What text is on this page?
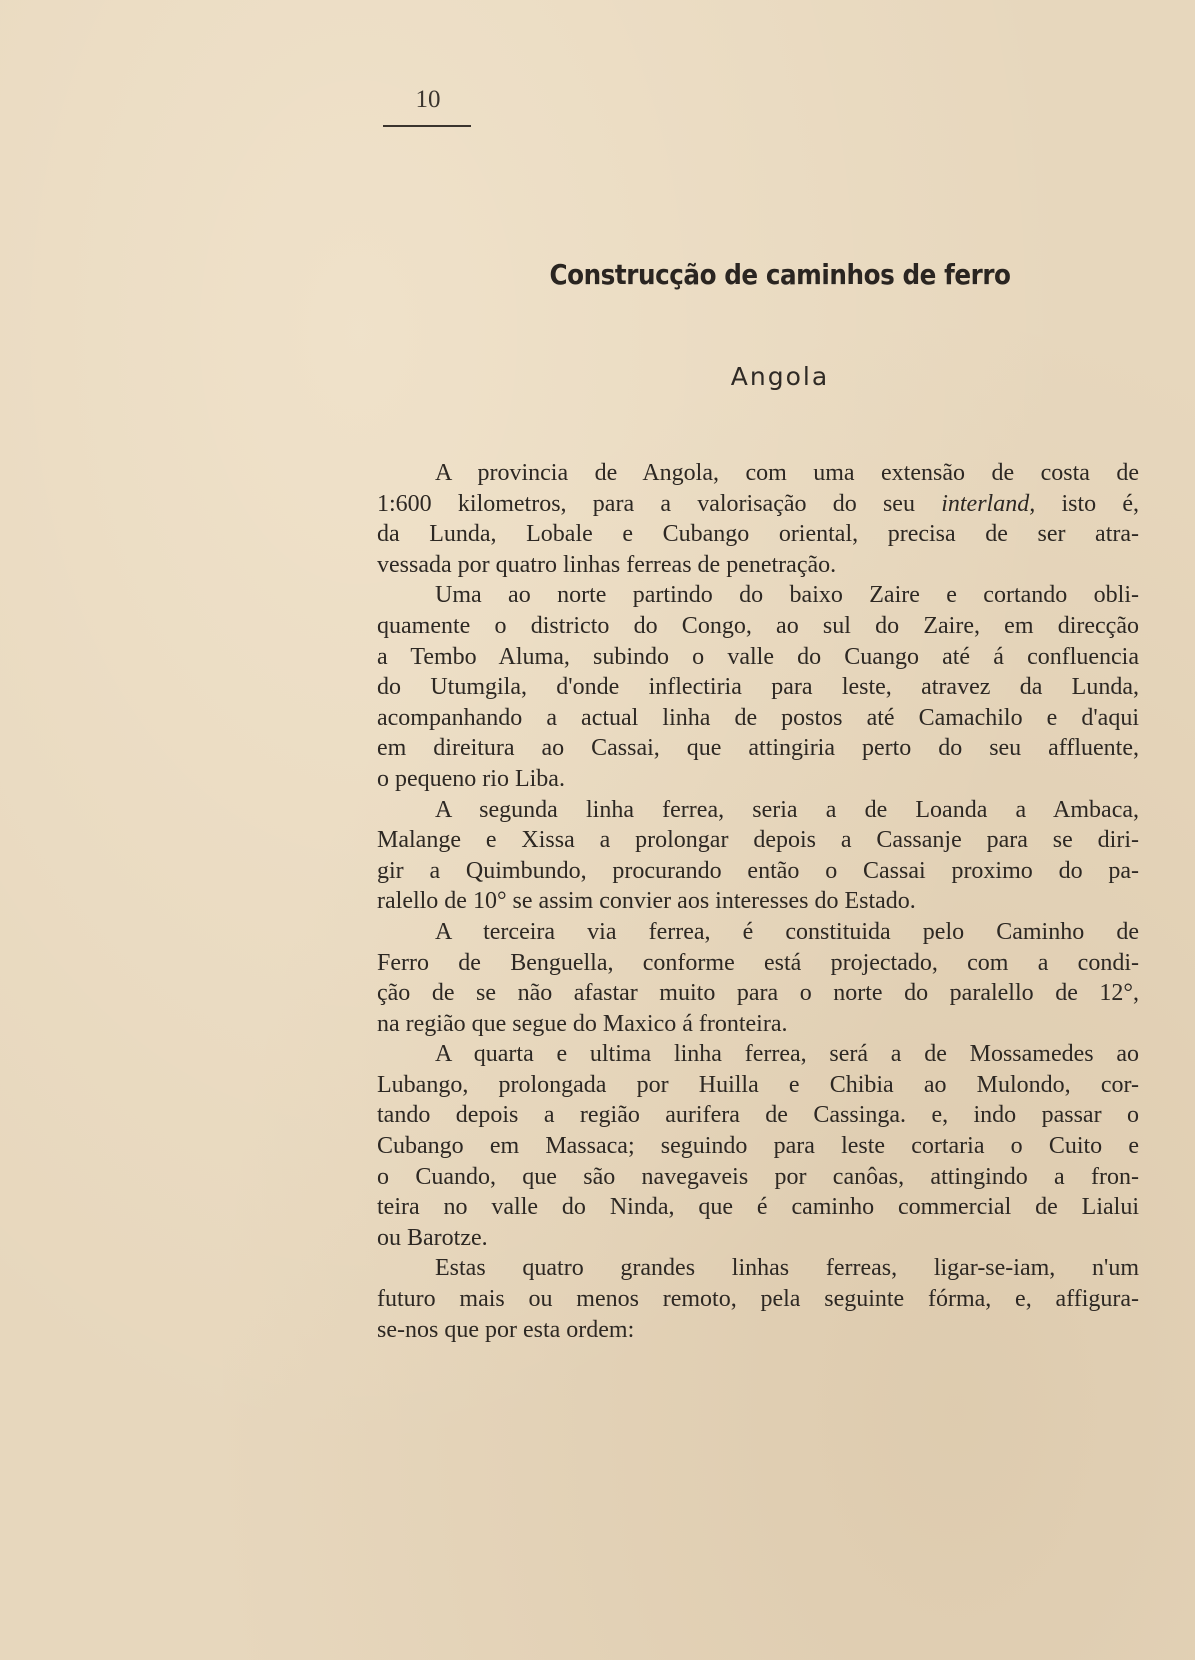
10
Construcção de caminhos de ferro
Angola
A provincia de Angola, com uma extensão de costa de
1:600 kilometros, para a valorisação do seu interland, isto é,
da Lunda, Lobale e Cubango oriental, precisa de ser atra-
vessada por quatro linhas ferreas de penetração.
Uma ao norte partindo do baixo Zaire e cortando obli-
quamente o districto do Congo, ao sul do Zaire, em direcção
a Tembo Aluma, subindo o valle do Cuango até á confluencia
do Utumgila, d'onde inflectiria para leste, atravez da Lunda,
acompanhando a actual linha de postos até Camachilo e d'aqui
em direitura ao Cassai, que attingiria perto do seu affluente,
o pequeno rio Liba.
A segunda linha ferrea, seria a de Loanda a Ambaca,
Malange e Xissa a prolongar depois a Cassanje para se diri-
gir a Quimbundo, procurando então o Cassai proximo do pa-
ralello de 10° se assim convier aos interesses do Estado.
A terceira via ferrea, é constituida pelo Caminho de
Ferro de Benguella, conforme está projectado, com a condi-
ção de se não afastar muito para o norte do paralello de 12°,
na região que segue do Maxico á fronteira.
A quarta e ultima linha ferrea, será a de Mossamedes ao
Lubango, prolongada por Huilla e Chibia ao Mulondo, cor-
tando depois a região aurifera de Cassinga. e, indo passar o
Cubango em Massaca; seguindo para leste cortaria o Cuito e
o Cuando, que são navegaveis por canôas, attingindo a fron-
teira no valle do Ninda, que é caminho commercial de Lialui
ou Barotze.
Estas quatro grandes linhas ferreas, ligar-se-iam, n'um
futuro mais ou menos remoto, pela seguinte fórma, e, affigura-
se-nos que por esta ordem:
